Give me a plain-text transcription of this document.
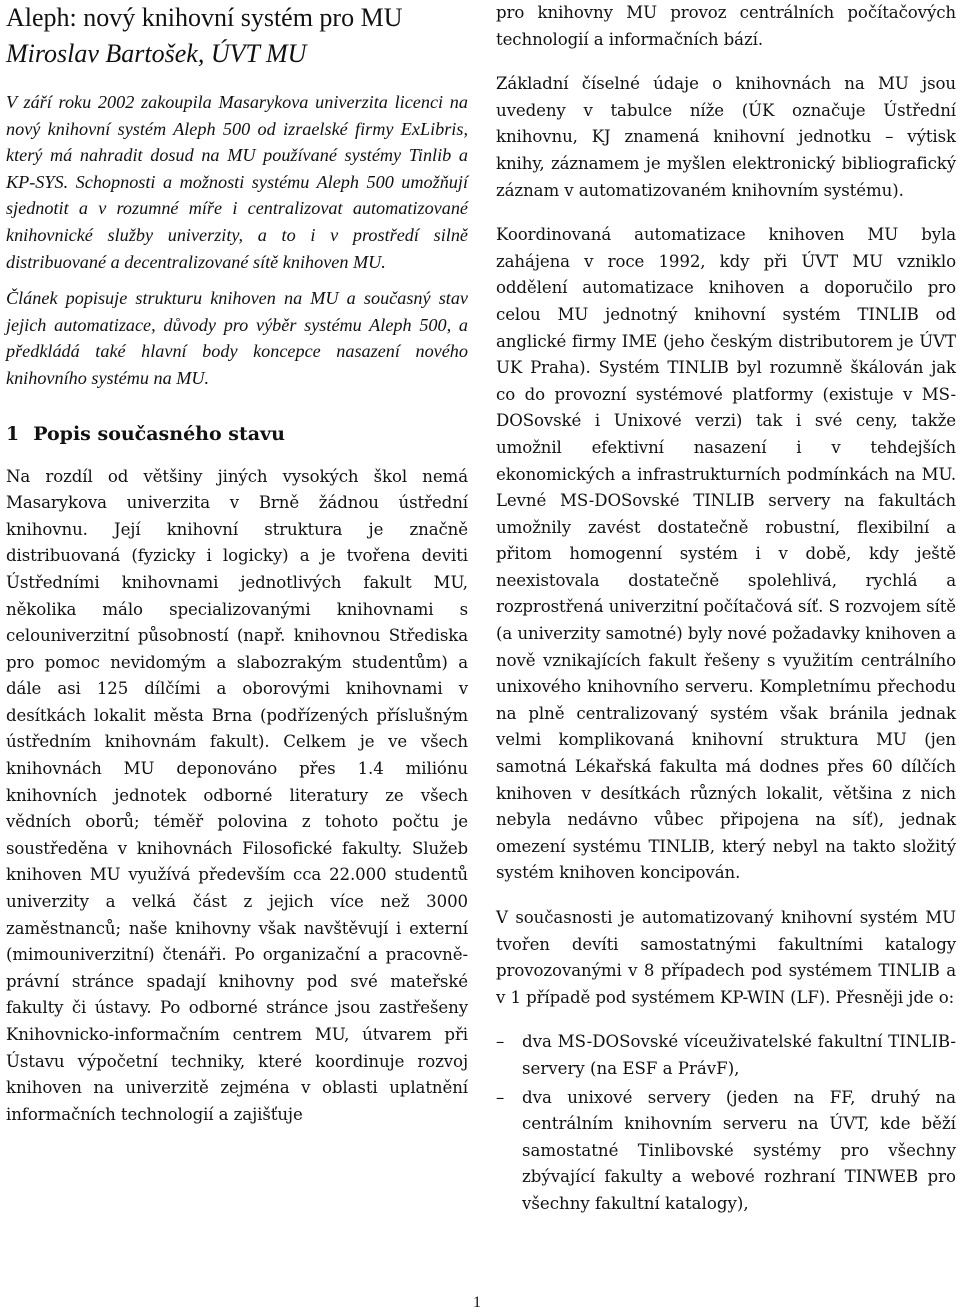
Aleph: nový knihovní systém pro MU
Miroslav Bartošek, ÚVT MU

V září roku 2002 zakoupila Masarykova univerzita licenci na nový knihovní systém Aleph 500 od izraelské firmy ExLibris, který má nahradit dosud na MU používané systémy Tinlib a KP-SYS. Schopnosti a možnosti systému Aleph 500 umožňují sjednotit a v rozumné míře i centralizovat automatizované knihovnické služby univerzity, a to i v prostředí silně distribuované a decentralizované sítě knihoven MU.

Článek popisuje strukturu knihoven na MU a současný stav jejich automatizace, důvody pro výběr systému Aleph 500, a předkládá také hlavní body koncepce nasazení nového knihovního systému na MU.

1 Popis současného stavu

Na rozdíl od většiny jiných vysokých škol nemá Masarykova univerzita v Brně žádnou ústřední knihovnu. Její knihovní struktura je značně distribuovaná (fyzicky i logicky) a je tvořena deviti Ústředními knihovnami jednotlivých fakult MU, několika málo specializovanými knihovnami s celouniverzitní působností (např. knihovnou Střediska pro pomoc nevidomým a slabozrakým studentům) a dále asi 125 dílčími a oborovými knihovnami v desítkách lokalit města Brna (podřízených příslušným ústředním knihovnám fakult). Celkem je ve všech knihovnách MU deponováno přes 1.4 miliónu knihovních jednotek odborné literatury ze všech vědních oborů; téměř polovina z tohoto počtu je soustředěna v knihovnách Filosofické fakulty. Služeb knihoven MU využívá především cca 22.000 studentů univerzity a velká část z jejich více než 3000 zaměstnanců; naše knihovny však navštěvují i externí (mimouniverzitní) čtenáři. Po organizační a pracovně-právní stránce spadají knihovny pod své mateřské fakulty či ústavy. Po odborné stránce jsou zastřešeny Knihovnicko-informačním centrem MU, útvarem při Ústavu výpočetní techniky, které koordinuje rozvoj knihoven na univerzitě zejména v oblasti uplatnění informačních technologií a zajišťuje

pro knihovny MU provoz centrálních počítačových technologií a informačních bází.

Základní číselné údaje o knihovnách na MU jsou uvedeny v tabulce níže (ÚK označuje Ústřední knihovnu, KJ znamená knihovní jednotku – výtisk knihy, záznamem je myšlen elektronický bibliografický záznam v automatizovaném knihovním systému).

Koordinovaná automatizace knihoven MU byla zahájena v roce 1992, kdy při ÚVT MU vzniklo oddělení automatizace knihoven a doporučilo pro celou MU jednotný knihovní systém TINLIB od anglické firmy IME (jeho českým distributorem je ÚVT UK Praha). Systém TINLIB byl rozumně škálován jak co do provozní systémové platformy (existuje v MS-DOSovské i Unixové verzi) tak i své ceny, takže umožnil efektivní nasazení i v tehdejších ekonomických a infrastrukturních podmínkách na MU. Levné MS-DOSovské TINLIB servery na fakultách umožnily zavést dostatečně robustní, flexibilní a přitom homogenní systém i v době, kdy ještě neexistovala dostatečně spolehlivá, rychlá a rozprostřená univerzitní počítačová síť. S rozvojem sítě (a univerzity samotné) byly nové požadavky knihoven a nově vznikajících fakult řešeny s využitím centrálního unixového knihovního serveru. Kompletnímu přechodu na plně centralizovaný systém však bránila jednak velmi komplikovaná knihovní struktura MU (jen samotná Lékařská fakulta má dodnes přes 60 dílčích knihoven v desítkách různých lokalit, většina z nich nebyla nedávno vůbec připojena na síť), jednak omezení systému TINLIB, který nebyl na takto složitý systém knihoven koncipován.

V současnosti je automatizovaný knihovní systém MU tvořen devíti samostatnými fakultními katalogy provozovanými v 8 případech pod systémem TINLIB a v 1 případě pod systémem KP-WIN (LF). Přesněji jde o:

– dva MS-DOSovské víceuživatelské fakultní TINLIB-servery (na ESF a PrávF),
– dva unixové servery (jeden na FF, druhý na centrálním knihovním serveru na ÚVT, kde běží samostatné Tinlibovské systémy pro všechny zbývající fakulty a webové rozhraní TINWEB pro všechny fakultní katalogy),
1
